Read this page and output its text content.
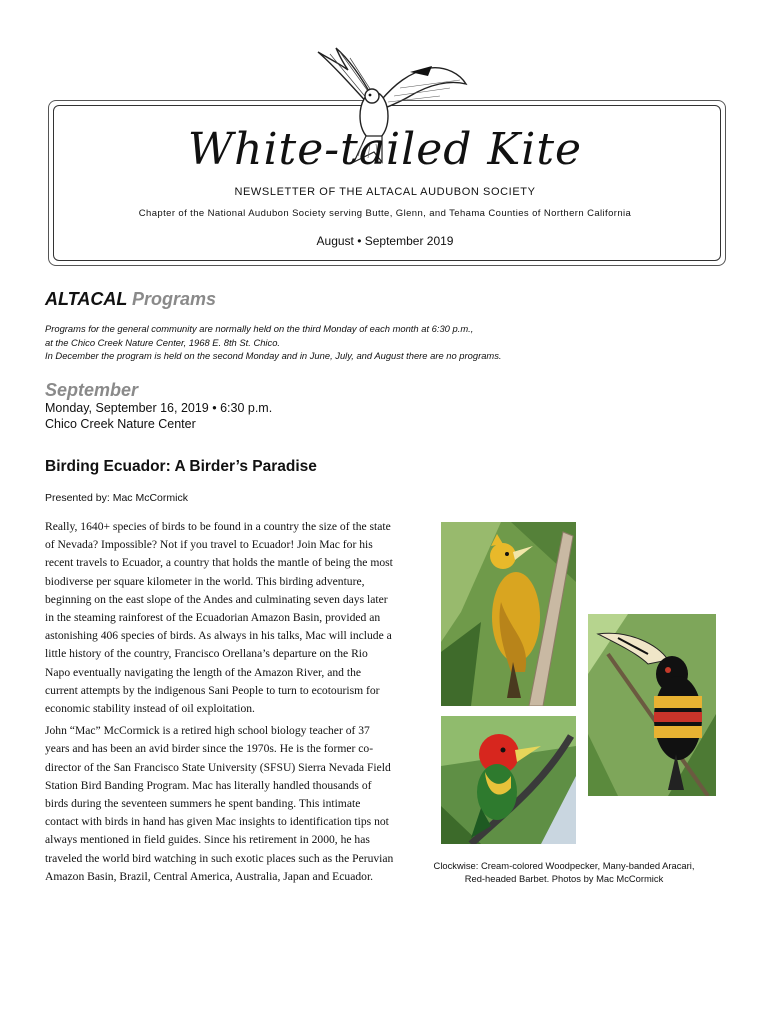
White-tailed Kite
NEWSLETTER OF THE ALTACAL AUDUBON SOCIETY
Chapter of the National Audubon Society serving Butte, Glenn, and Tehama Counties of Northern California
August • September 2019
ALTACAL Programs
Programs for the general community are normally held on the third Monday of each month at 6:30 p.m.,
at the Chico Creek Nature Center, 1968 E. 8th St. Chico.
In December the program is held on the second Monday and in June, July, and August there are no programs.
September
Monday, September 16, 2019 • 6:30 p.m.
Chico Creek Nature Center
Birding Ecuador: A Birder’s Paradise
Presented by: Mac McCormick

Really, 1640+ species of birds to be found in a country the size of the state of Nevada? Impossible? Not if you travel to Ecuador! Join Mac for his recent travels to Ecuador, a country that holds the mantle of being the most biodiverse per square kilometer in the world. This birding adventure, beginning on the east slope of the Andes and culminating seven days later in the steaming rainforest of the Ecuadorian Amazon Basin, provided an astonishing 406 species of birds. As always in his talks, Mac will include a little history of the country, Francisco Orellana’s departure on the Rio Napo eventually navigating the length of the Amazon River, and the current attempts by the indigenous Sani People to turn to ecotourism for economic stability instead of oil exploitation.

John “Mac” McCormick is a retired high school biology teacher of 37 years and has been an avid birder since the 1970s. He is the former co-director of the San Francisco State University (SFSU) Sierra Nevada Field Station Bird Banding Program. Mac has literally handled thousands of birds during the seventeen summers he spent banding. This intimate contact with birds in hand has given Mac insights to identification tips not always mentioned in field guides. Since his retirement in 2000, he has traveled the world bird watching in such exotic places such as the Peruvian Amazon Basin, Brazil, Central America, Australia, Japan and Ecuador.

Clockwise: Cream-colored Woodpecker, Many-banded Aracari, Red-headed Barbet. Photos by Mac McCormick
